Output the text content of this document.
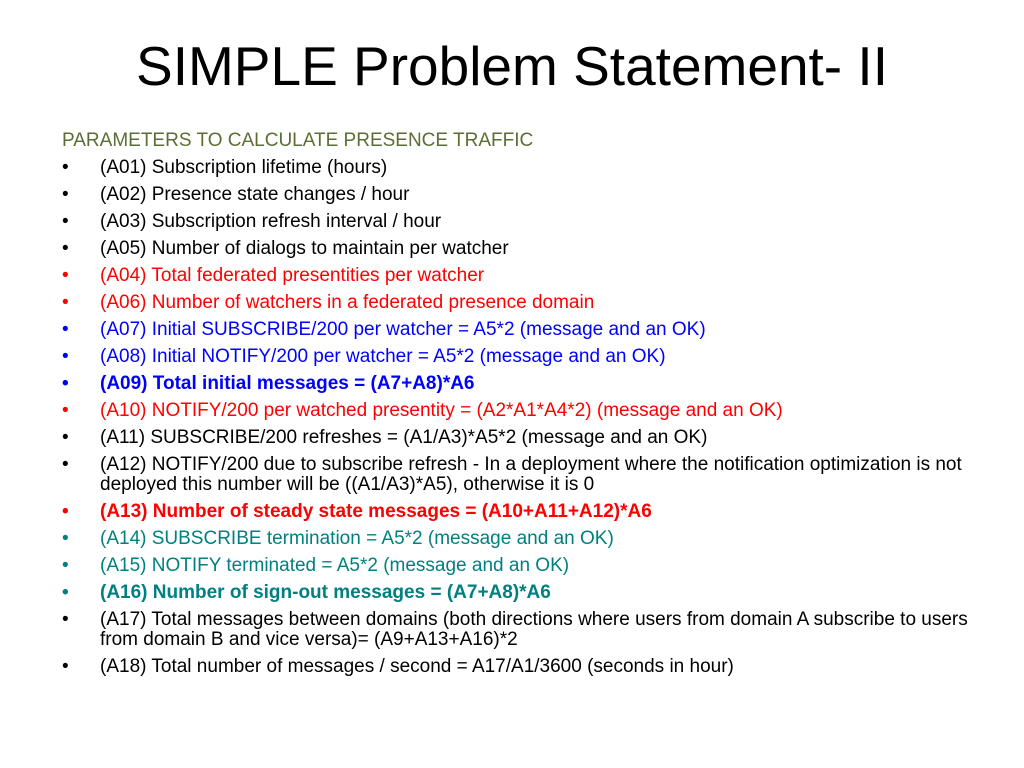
SIMPLE Problem Statement- II
PARAMETERS TO CALCULATE PRESENCE TRAFFIC
•	(A01) Subscription lifetime (hours)
•	(A02) Presence state changes / hour
•	(A03) Subscription refresh interval / hour
•	(A05) Number of dialogs to maintain per watcher
•	(A04) Total federated presentities per watcher
•	(A06) Number of watchers in a federated presence domain
•	(A07) Initial SUBSCRIBE/200 per watcher = A5*2 (message and an OK)
•	(A08) Initial NOTIFY/200 per watcher = A5*2 (message and an OK)
•	(A09) Total initial messages = (A7+A8)*A6
•	(A10) NOTIFY/200 per watched presentity = (A2*A1*A4*2) (message and an OK)
•	(A11) SUBSCRIBE/200 refreshes = (A1/A3)*A5*2 (message and an OK)
•	(A12) NOTIFY/200 due to subscribe refresh - In a deployment where the notification optimization is not deployed this number will be ((A1/A3)*A5), otherwise it is 0
•	(A13) Number of steady state messages = (A10+A11+A12)*A6
•	(A14) SUBSCRIBE termination = A5*2 (message and an OK)
•	(A15) NOTIFY terminated = A5*2 (message and an OK)
•	(A16) Number of sign-out messages = (A7+A8)*A6
•	(A17) Total messages between domains (both directions where users from domain A subscribe to users from domain B and vice versa)= (A9+A13+A16)*2
•	(A18) Total number of messages / second = A17/A1/3600 (seconds in hour)
